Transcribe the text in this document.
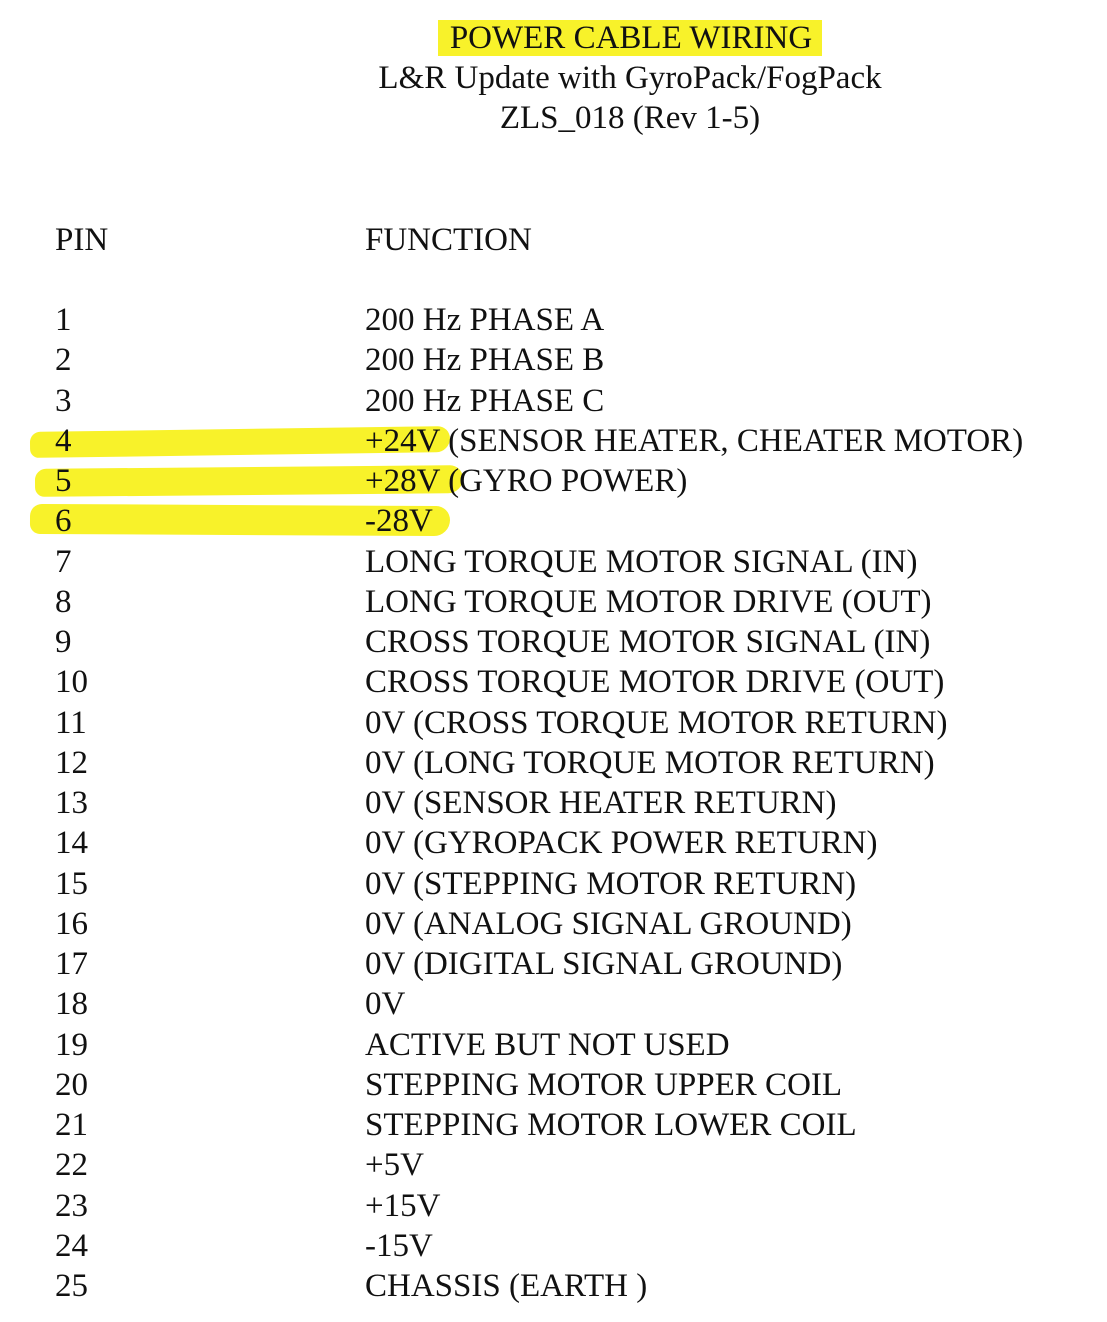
POWER CABLE WIRING
L&R Update with GyroPack/FogPack
ZLS_018 (Rev 1-5)
PIN	FUNCTION
1	200 Hz PHASE A
2	200 Hz PHASE B
3	200 Hz PHASE C
4	+24V (SENSOR HEATER, CHEATER MOTOR)
5	+28V (GYRO POWER)
6	-28V
7	LONG TORQUE MOTOR SIGNAL (IN)
8	LONG TORQUE MOTOR DRIVE (OUT)
9	CROSS TORQUE MOTOR SIGNAL (IN)
10	CROSS TORQUE MOTOR DRIVE (OUT)
11	0V (CROSS TORQUE MOTOR RETURN)
12	0V (LONG TORQUE MOTOR RETURN)
13	0V (SENSOR HEATER RETURN)
14	0V (GYROPACK POWER RETURN)
15	0V (STEPPING MOTOR RETURN)
16	0V (ANALOG SIGNAL GROUND)
17	0V (DIGITAL SIGNAL GROUND)
18	0V
19	ACTIVE BUT NOT USED
20	STEPPING MOTOR UPPER COIL
21	STEPPING MOTOR LOWER COIL
22	+5V
23	+15V
24	-15V
25	CHASSIS (EARTH )
